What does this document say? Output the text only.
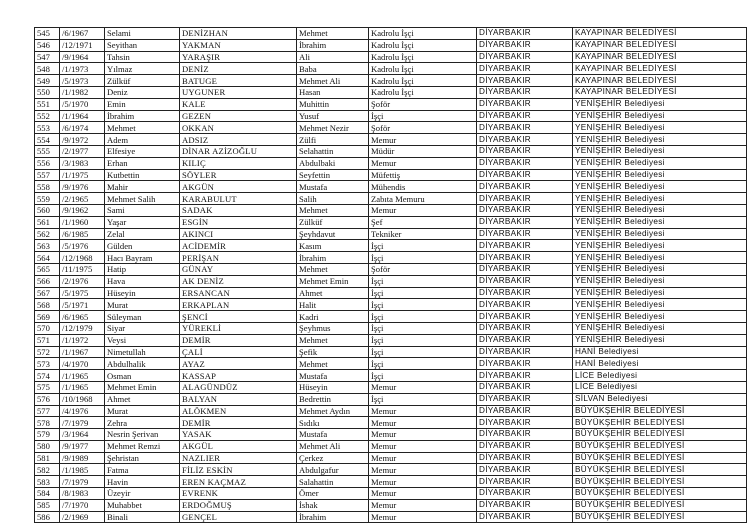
545	/6/1967	Selami	DENİZHAN	Mehmet	Kadrolu İşçi	DİYARBAKIR	KAYAPINAR BELEDİYESİ
546	/12/1971	Seyithan	YAKMAN	İbrahim	Kadrolu İşçi	DİYARBAKIR	KAYAPINAR BELEDİYESİ
547	/9/1964	Tahsin	YARAŞIR	Ali	Kadrolu İşçi	DİYARBAKIR	KAYAPINAR BELEDİYESİ
548	/1/1973	Yılmaz	DENİZ	Baba	Kadrolu İşçi	DİYARBAKIR	KAYAPINAR BELEDİYESİ
549	/5/1973	Zülküf	BATUGE	Mehmet Ali	Kadrolu İşçi	DİYARBAKIR	KAYAPINAR BELEDİYESİ
550	/1/1982	Deniz	UYGUNER	Hasan	Kadrolu İşçi	DİYARBAKIR	KAYAPINAR BELEDİYESİ
551	/5/1970	Emin	KALE	Muhittin	Şoför	DİYARBAKIR	YENİŞEHİR Belediyesi
552	/1/1964	İbrahim	GEZEN	Yusuf	İşçi	DİYARBAKIR	YENİŞEHİR Belediyesi
553	/6/1974	Mehmet	OKKAN	Mehmet Nezir	Şoför	DİYARBAKIR	YENİŞEHİR Belediyesi
554	/9/1972	Adem	ADSIZ	Zülfi	Memur	DİYARBAKIR	YENİŞEHİR Belediyesi
555	/2/1977	Elfesiye	DİNAR AZİZOĞLU	Selahattin	Müdür	DİYARBAKIR	YENİŞEHİR Belediyesi
556	/3/1983	Erhan	KILIÇ	Abdulbaki	Memur	DİYARBAKIR	YENİŞEHİR Belediyesi
557	/1/1975	Kutbettin	SÖYLER	Seyfettin	Müfettiş	DİYARBAKIR	YENİŞEHİR Belediyesi
558	/9/1976	Mahir	AKGÜN	Mustafa	Mühendis	DİYARBAKIR	YENİŞEHİR Belediyesi
559	/2/1965	Mehmet Salih	KARABULUT	Salih	Zabıta Memuru	DİYARBAKIR	YENİŞEHİR Belediyesi
560	/9/1962	Sami	SADAK	Mehmet	Memur	DİYARBAKIR	YENİŞEHİR Belediyesi
561	/1/1960	Yaşar	ESGİN	Zülküf	Şef	DİYARBAKIR	YENİŞEHİR Belediyesi
562	/6/1985	Zelal	AKINCI	Şeyhdavut	Tekniker	DİYARBAKIR	YENİŞEHİR Belediyesi
563	/5/1976	Gülden	ACİDEMİR	Kasım	İşçi	DİYARBAKIR	YENİŞEHİR Belediyesi
564	/12/1968	Hacı Bayram	PERİŞAN	İbrahim	İşçi	DİYARBAKIR	YENİŞEHİR Belediyesi
565	/11/1975	Hatip	GÜNAY	Mehmet	Şoför	DİYARBAKIR	YENİŞEHİR Belediyesi
566	/2/1976	Hava	AK DENİZ	Mehmet Emin	İşçi	DİYARBAKIR	YENİŞEHİR Belediyesi
567	/5/1975	Hüseyin	ERSANCAN	Ahmet	İşçi	DİYARBAKIR	YENİŞEHİR Belediyesi
568	/5/1971	Murat	ERKAPLAN	Halit	İşçi	DİYARBAKIR	YENİŞEHİR Belediyesi
569	/6/1965	Süleyman	ŞENCİ	Kadri	İşçi	DİYARBAKIR	YENİŞEHİR Belediyesi
570	/12/1979	Siyar	YÜREKLİ	Şeyhmus	İşçi	DİYARBAKIR	YENİŞEHİR Belediyesi
571	/1/1972	Veysi	DEMİR	Mehmet	İşçi	DİYARBAKIR	YENİŞEHİR Belediyesi
572	/1/1967	Nimetullah	ÇALİ	Şefik	İşçi	DİYARBAKIR	HANİ Belediyesi
573	/4/1970	Abdulhalik	AYAZ	Mehmet	İşçi	DİYARBAKIR	HANİ Belediyesi
574	/1/1965	Osman	KASSAP	Mustafa	İşçi	DİYARBAKIR	LİCE Belediyesi
575	/1/1965	Mehmet Emin	ALAGÜNDÜZ	Hüseyin	Memur	DİYARBAKIR	LİCE Belediyesi
576	/10/1968	Ahmet	BALYAN	Bedrettin	İşçi	DİYARBAKIR	SİLVAN Belediyesi
577	/4/1976	Murat	ALÖKMEN	Mehmet Aydın	Memur	DİYARBAKIR	BÜYÜKŞEHİR BELEDİYESİ
578	/7/1979	Zehra	DEMİR	Sıdıkı	Memur	DİYARBAKIR	BÜYÜKŞEHİR BELEDİYESİ
579	/3/1964	Nesrin Şerivan	YASAK	Mustafa	Memur	DİYARBAKIR	BÜYÜKŞEHİR BELEDİYESİ
580	/9/1977	Mehmet Remzi	AKGÜL	Mehmet Ali	Memur	DİYARBAKIR	BÜYÜKŞEHİR BELEDİYESİ
581	/9/1989	Şehristan	NAZLIER	Çerkez	Memur	DİYARBAKIR	BÜYÜKŞEHİR BELEDİYESİ
582	/1/1985	Fatma	FİLİZ ESKİN	Abdulgafur	Memur	DİYARBAKIR	BÜYÜKŞEHİR BELEDİYESİ
583	/7/1979	Havin	EREN KAÇMAZ	Salahattin	Memur	DİYARBAKIR	BÜYÜKŞEHİR BELEDİYESİ
584	/8/1983	Üzeyir	EVRENK	Ömer	Memur	DİYARBAKIR	BÜYÜKŞEHİR BELEDİYESİ
585	/7/1970	Muhabbet	ERDOĞMUŞ	İshak	Memur	DİYARBAKIR	BÜYÜKŞEHİR BELEDİYESİ
586	/2/1969	Binali	GENÇEL	İbrahim	Memur	DİYARBAKIR	BÜYÜKŞEHİR BELEDİYESİ
